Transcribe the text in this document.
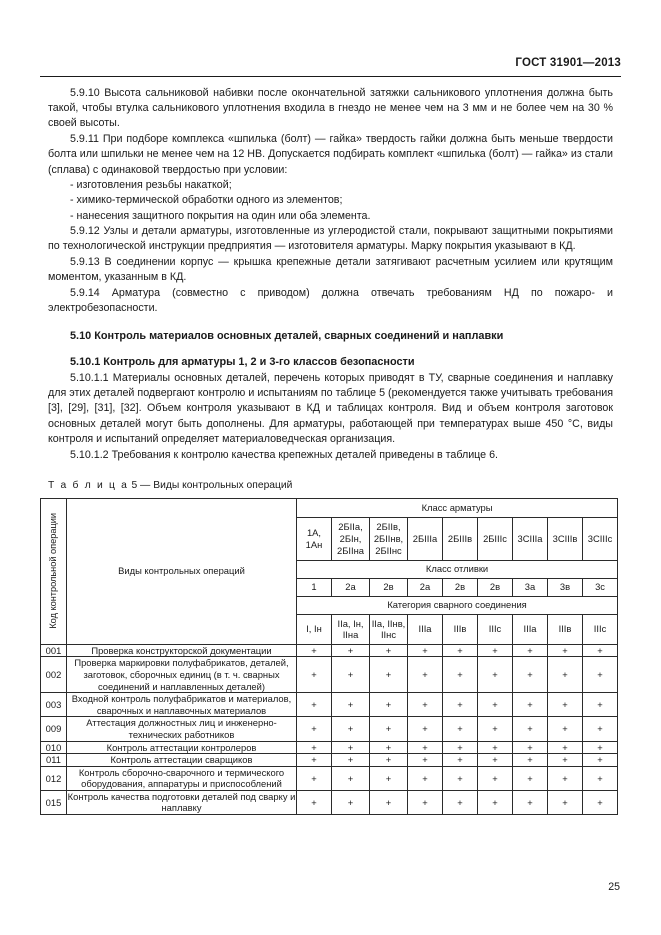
ГОСТ 31901—2013

5.9.10 Высота сальниковой набивки после окончательной затяжки сальникового уплотнения должна быть такой, чтобы втулка сальникового уплотнения входила в гнездо не менее чем на 3 мм и не более чем на 30 % своей высоты.

5.9.11 При подборе комплекса «шпилька (болт) — гайка» твердость гайки должна быть меньше твердости болта или шпильки не менее чем на 12 HB. Допускается подбирать комплект «шпилька (болт) — гайка» из стали (сплава) с одинаковой твердостью при условии:

- изготовления резьбы накаткой;

- химико-термической обработки одного из элементов;

- нанесения защитного покрытия на один или оба элемента.

5.9.12 Узлы и детали арматуры, изготовленные из углеродистой стали, покрывают защитными покрытиями по технологической инструкции предприятия — изготовителя арматуры. Марку покрытия указывают в КД.

5.9.13 В соединении корпус — крышка крепежные детали затягивают расчетным усилием или крутящим моментом, указанным в КД.

5.9.14 Арматура (совместно с приводом) должна отвечать требованиям НД по пожаро- и электробезопасности.

5.10 Контроль материалов основных деталей, сварных соединений и наплавки
5.10.1 Контроль для арматуры 1, 2 и 3-го классов безопасности

5.10.1.1 Материалы основных деталей, перечень которых приводят в ТУ, сварные соединения и наплавку для этих деталей подвергают контролю и испытаниям по таблице 5 (рекомендуется также учитывать требования [3], [29], [31], [32]. Объем контроля указывают в КД и таблицах контроля. Вид и объем контроля заготовок основных деталей могут быть дополнены. Для арматуры, работающей при температурах выше 450 °С, виды контроля и испытаний определяет материаловедческая организация.

5.10.1.2 Требования к контролю качества крепежных деталей приведены в таблице 6.

Т а б л и ц а 5 — Виды контрольных операций
Код контрольной операции	Виды контрольных операций	Класс арматуры								
		1А,
1Ан	2БIIа,
2БIн,
2БIIна	2БIIв,
2БIIнв,
2БIIнс	2БIIIа	2БIIIв	2БIIIс	3СIIIа	3СIIIв	3СIIIс
		Класс отливки								
		1	2а	2в	2а	2в	2в	3а	3в	3с
		Категория сварного соединения								
		I, Iн	IIа, Iн,
IIна	IIа, IIнв,
IIнс	IIIа	IIIв	IIIс	IIIа	IIIв	IIIс
001	Проверка конструкторской документации	+	+	+	+	+	+	+	+	+
002	Проверка маркировки полуфабрикатов, деталей, заготовок, сборочных единиц (в т. ч. сварных соединений и наплавленных деталей)	+	+	+	+	+	+	+	+	+
003	Входной контроль полуфабрикатов и материалов, сварочных и наплавочных материалов	+	+	+	+	+	+	+	+	+
009	Аттестация должностных лиц и инженерно-технических работников	+	+	+	+	+	+	+	+	+
010	Контроль аттестации контролеров	+	+	+	+	+	+	+	+	+
011	Контроль аттестации сварщиков	+	+	+	+	+	+	+	+	+
012	Контроль сборочно-сварочного и термического оборудования, аппаратуры и приспособлений	+	+	+	+	+	+	+	+	+
015	Контроль качества подготовки деталей под сварку и наплавку	+	+	+	+	+	+	+	+	+
25
